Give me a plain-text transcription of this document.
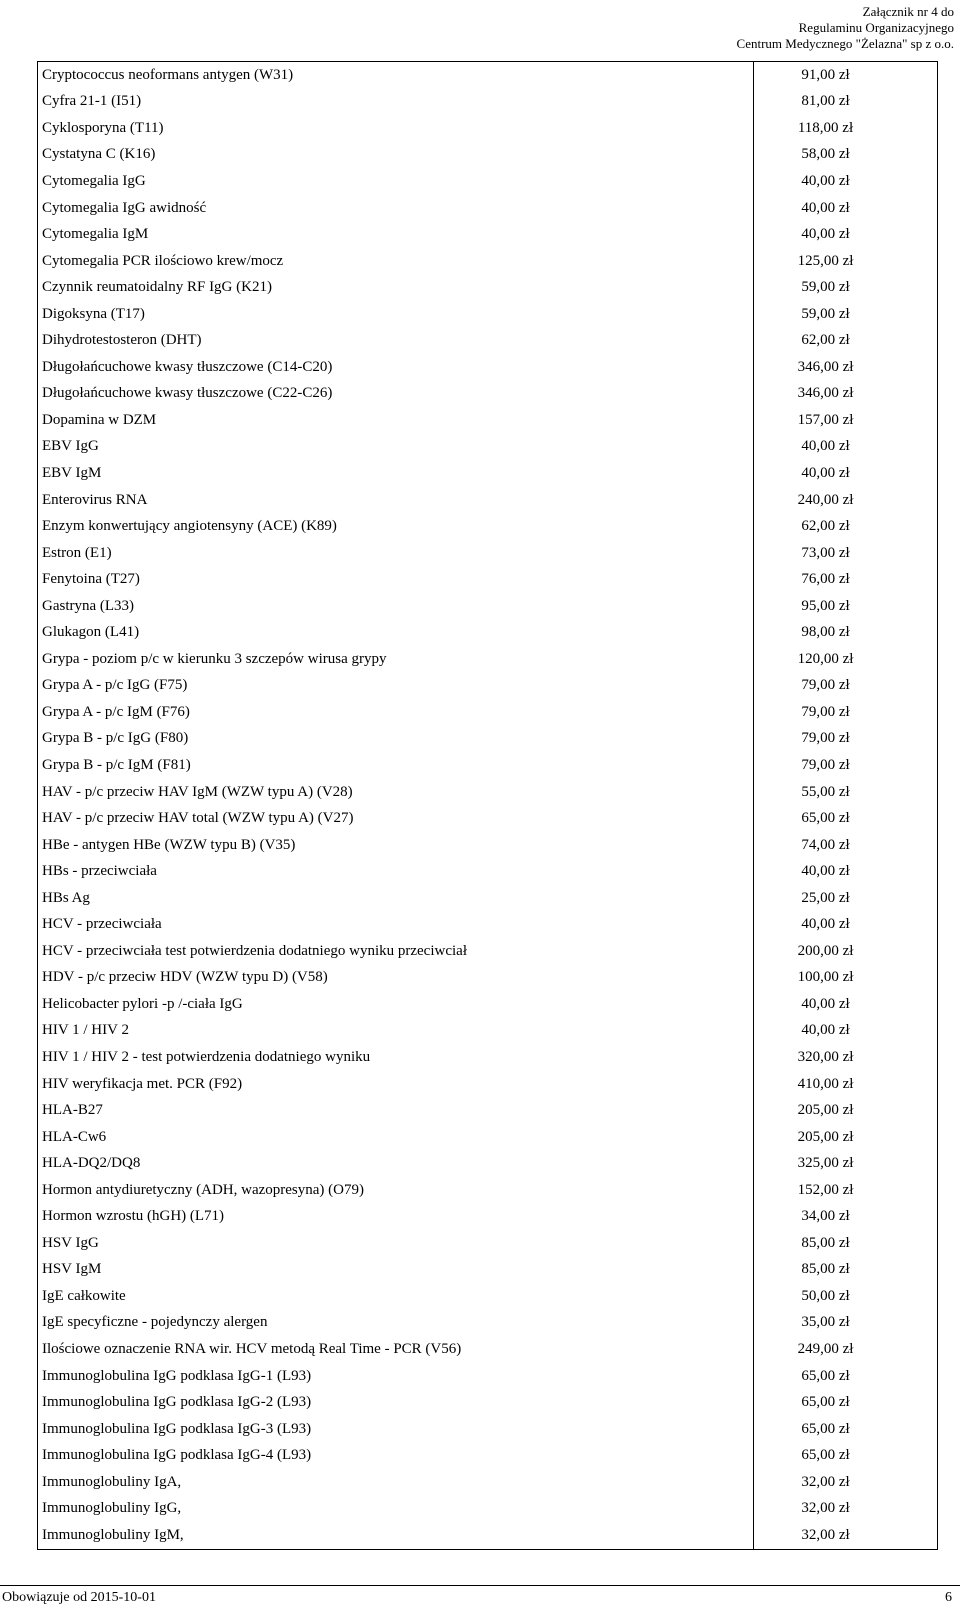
Załącznik nr 4 do
Regulaminu Organizacyjnego
Centrum Medycznego "Żelazna" sp z o.o.
Cryptococcus neoformans antygen (W31)	91,00 zł
Cyfra 21-1 (I51)	81,00 zł
Cyklosporyna (T11)	118,00 zł
Cystatyna C (K16)	58,00 zł
Cytomegalia IgG	40,00 zł
Cytomegalia IgG awidność	40,00 zł
Cytomegalia IgM	40,00 zł
Cytomegalia PCR ilościowo krew/mocz	125,00 zł
Czynnik reumatoidalny RF IgG (K21)	59,00 zł
Digoksyna (T17)	59,00 zł
Dihydrotestosteron (DHT)	62,00 zł
Długołańcuchowe kwasy tłuszczowe (C14-C20)	346,00 zł
Długołańcuchowe kwasy tłuszczowe (C22-C26)	346,00 zł
Dopamina w DZM	157,00 zł
EBV IgG	40,00 zł
EBV IgM	40,00 zł
Enterovirus RNA	240,00 zł
Enzym konwertujący angiotensyny (ACE) (K89)	62,00 zł
Estron (E1)	73,00 zł
Fenytoina (T27)	76,00 zł
Gastryna (L33)	95,00 zł
Glukagon (L41)	98,00 zł
Grypa - poziom p/c w kierunku 3 szczepów wirusa grypy	120,00 zł
Grypa A - p/c IgG (F75)	79,00 zł
Grypa A - p/c IgM (F76)	79,00 zł
Grypa B - p/c IgG (F80)	79,00 zł
Grypa B - p/c IgM (F81)	79,00 zł
HAV - p/c przeciw HAV IgM (WZW typu A) (V28)	55,00 zł
HAV - p/c przeciw HAV total (WZW typu A) (V27)	65,00 zł
HBe - antygen HBe (WZW typu B) (V35)	74,00 zł
HBs - przeciwciała	40,00 zł
HBs Ag	25,00 zł
HCV - przeciwciała	40,00 zł
HCV - przeciwciała test potwierdzenia dodatniego wyniku przeciwciał	200,00 zł
HDV - p/c przeciw HDV (WZW typu D) (V58)	100,00 zł
Helicobacter pylori -p /-ciała IgG	40,00 zł
HIV 1 / HIV 2	40,00 zł
HIV 1 / HIV 2 - test potwierdzenia dodatniego wyniku	320,00 zł
HIV weryfikacja met. PCR (F92)	410,00 zł
HLA-B27	205,00 zł
HLA-Cw6	205,00 zł
HLA-DQ2/DQ8	325,00 zł
Hormon antydiuretyczny (ADH, wazopresyna) (O79)	152,00 zł
Hormon wzrostu (hGH) (L71)	34,00 zł
HSV IgG	85,00 zł
HSV IgM	85,00 zł
IgE całkowite	50,00 zł
IgE specyficzne - pojedynczy alergen	35,00 zł
Ilościowe oznaczenie RNA wir. HCV metodą Real Time - PCR (V56)	249,00 zł
Immunoglobulina IgG podklasa IgG-1 (L93)	65,00 zł
Immunoglobulina IgG podklasa IgG-2 (L93)	65,00 zł
Immunoglobulina IgG podklasa IgG-3 (L93)	65,00 zł
Immunoglobulina IgG podklasa IgG-4 (L93)	65,00 zł
Immunoglobuliny IgA,	32,00 zł
Immunoglobuliny IgG,	32,00 zł
Immunoglobuliny IgM,	32,00 zł
Obowiązuje od 2015-10-01	6
